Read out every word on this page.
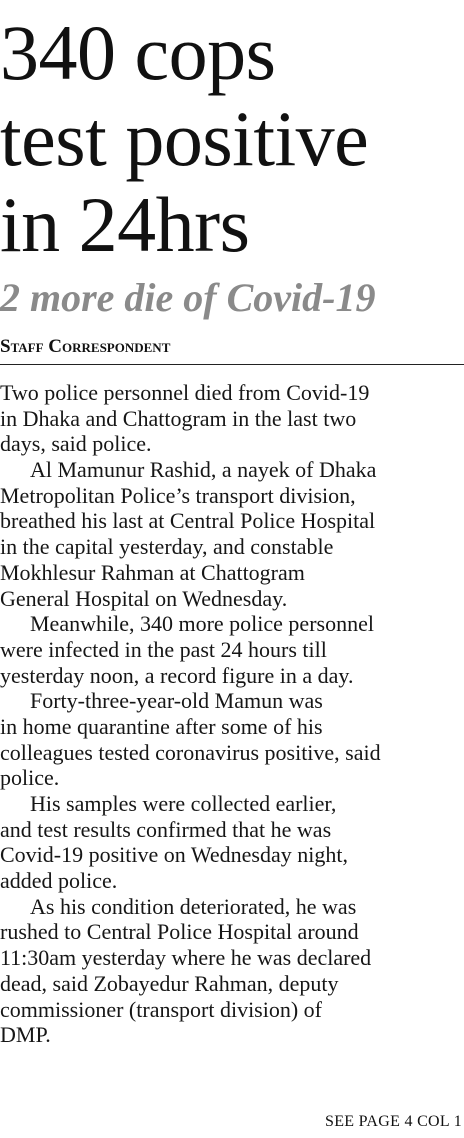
340 cops
test positive
in 24hrs
2 more die of Covid-19
Staff Correspondent
Two police personnel died from Covid-19
in Dhaka and Chattogram in the last two
days, said police.
Al Mamunur Rashid, a nayek of Dhaka
Metropolitan Police’s transport division,
breathed his last at Central Police Hospital
in the capital yesterday, and constable
Mokhlesur Rahman at Chattogram
General Hospital on Wednesday.
Meanwhile, 340 more police personnel
were infected in the past 24 hours till
yesterday noon, a record figure in a day.
Forty-three-year-old Mamun was
in home quarantine after some of his
colleagues tested coronavirus positive, said
police.
His samples were collected earlier,
and test results confirmed that he was
Covid-19 positive on Wednesday night,
added police.
As his condition deteriorated, he was
rushed to Central Police Hospital around
11:30am yesterday where he was declared
dead, said Zobayedur Rahman, deputy
commissioner (transport division) of
DMP.
SEE PAGE 4 COL 1
